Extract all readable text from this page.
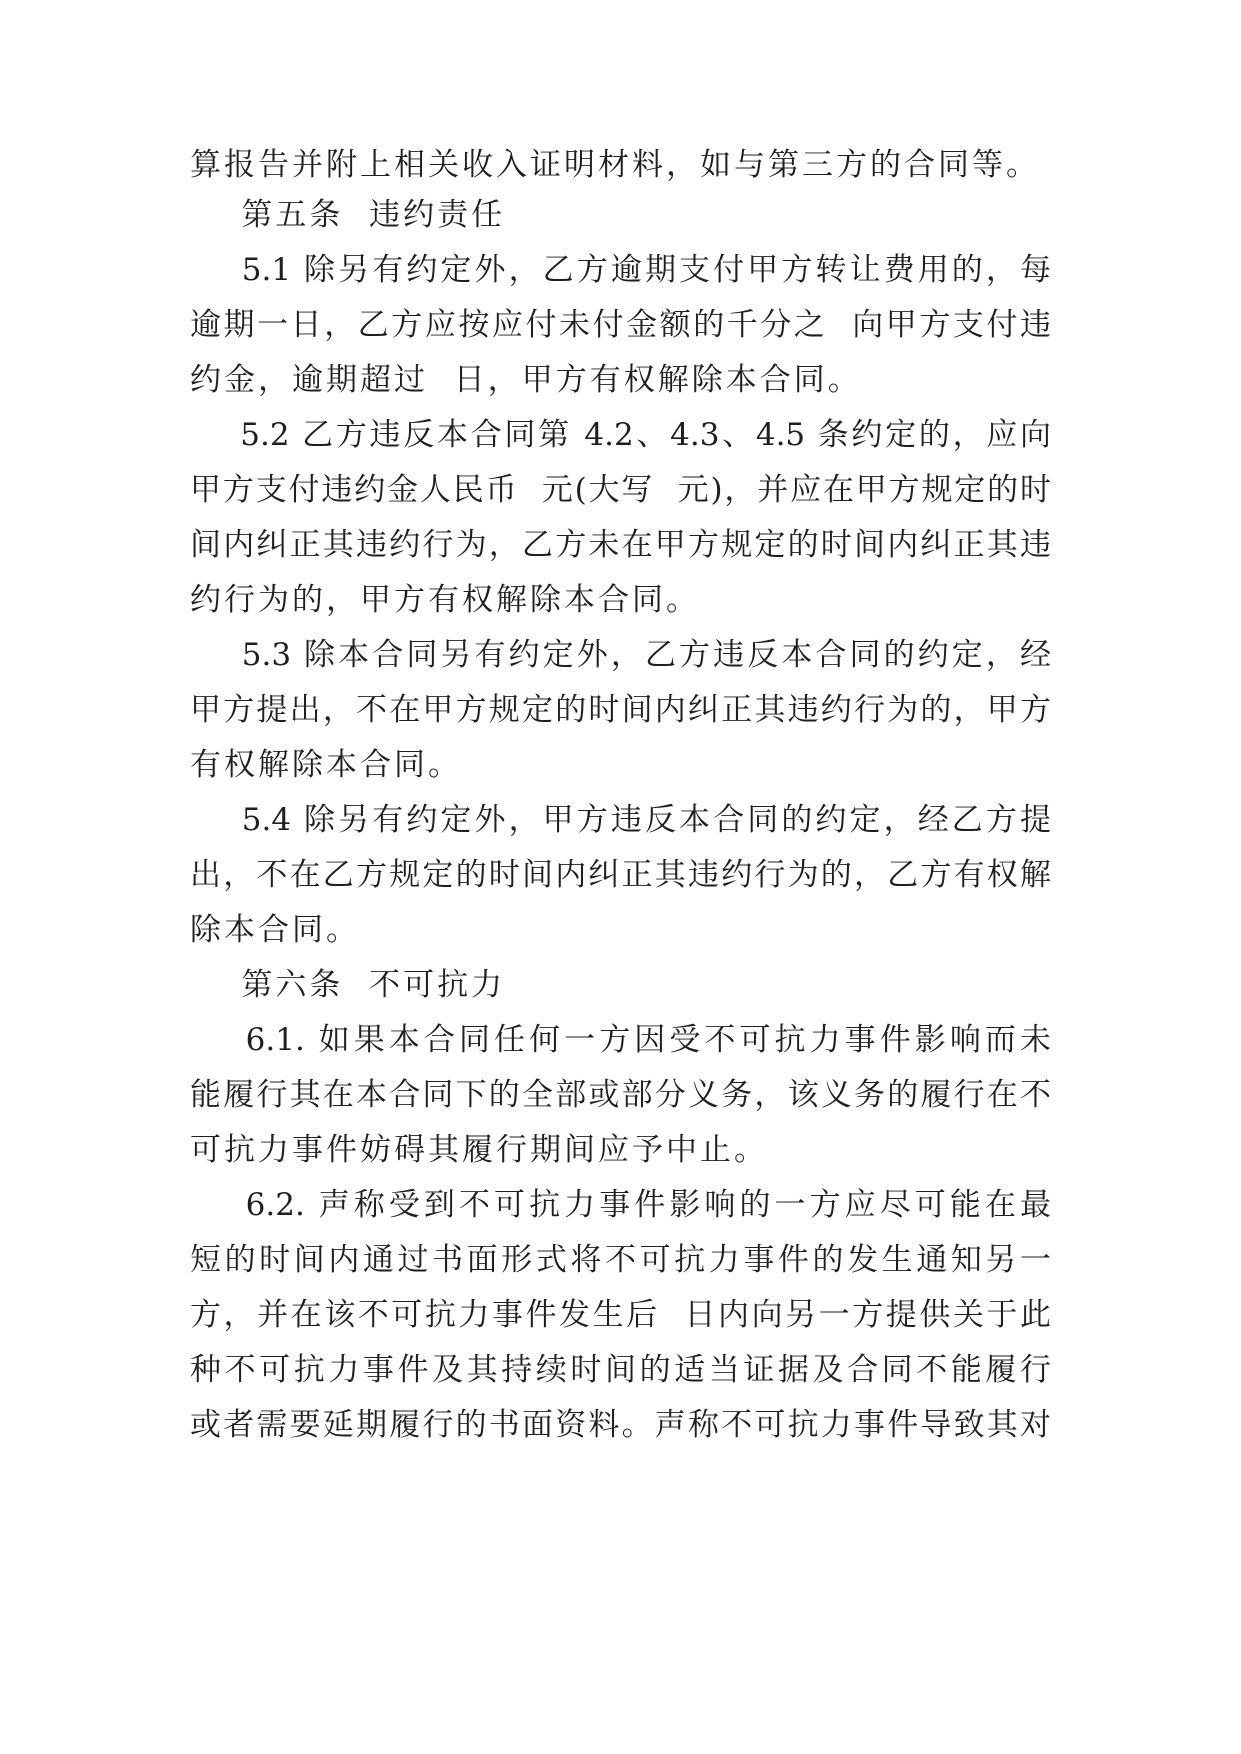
算报告并附上相关收入证明材料，如与第三方的合同等。
第五条  违约责任
5.1 除另有约定外，乙方逾期支付甲方转让费用的，每
逾期一日，乙方应按应付未付金额的千分之  向甲方支付违
约金，逾期超过  日，甲方有权解除本合同。
5.2 乙方违反本合同第 4.2、4.3、4.5 条约定的，应向
甲方支付违约金人民币  元(大写  元)，并应在甲方规定的时
间内纠正其违约行为，乙方未在甲方规定的时间内纠正其违
约行为的，甲方有权解除本合同。
5.3 除本合同另有约定外，乙方违反本合同的约定，经
甲方提出，不在甲方规定的时间内纠正其违约行为的，甲方
有权解除本合同。
5.4 除另有约定外，甲方违反本合同的约定，经乙方提
出，不在乙方规定的时间内纠正其违约行为的，乙方有权解
除本合同。
第六条  不可抗力
6.1. 如果本合同任何一方因受不可抗力事件影响而未
能履行其在本合同下的全部或部分义务，该义务的履行在不
可抗力事件妨碍其履行期间应予中止。
6.2. 声称受到不可抗力事件影响的一方应尽可能在最
短的时间内通过书面形式将不可抗力事件的发生通知另一
方，并在该不可抗力事件发生后  日内向另一方提供关于此
种不可抗力事件及其持续时间的适当证据及合同不能履行
或者需要延期履行的书面资料。声称不可抗力事件导致其对
